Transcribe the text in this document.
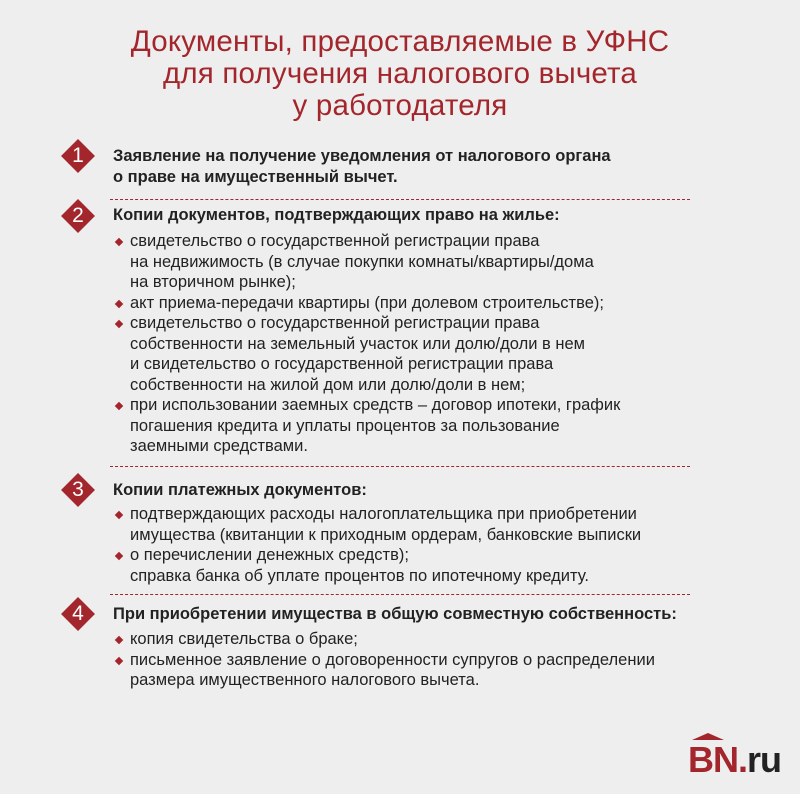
Документы, предоставляемые в УФНС
для получения налогового вычета
у работодателя
1	Заявление на получение уведомления от налогового органа
о праве на имущественный вычет.
2	Копии документов, подтверждающих право на жилье:
свидетельство о государственной регистрации права
на недвижимость (в случае покупки комнаты/квартиры/дома
на вторичном рынке);
акт приема-передачи квартиры (при долевом строительстве);
свидетельство о государственной регистрации права
собственности на земельный участок или долю/доли в нем
и свидетельство о государственной регистрации права
собственности на жилой дом или долю/доли в нем;
при использовании заемных средств – договор ипотеки, график
погашения кредита и уплаты процентов за пользование
заемными средствами.
3	Копии платежных документов:
подтверждающих расходы налогоплательщика при приобретении
имущества (квитанции к приходным ордерам, банковские выписки
о перечислении денежных средств);
справка банка об уплате процентов по ипотечному кредиту.
4	При приобретении имущества в общую совместную собственность:
копия свидетельства о браке;
письменное заявление о договоренности супругов о распределении
размера имущественного налогового вычета.
BN.ru
